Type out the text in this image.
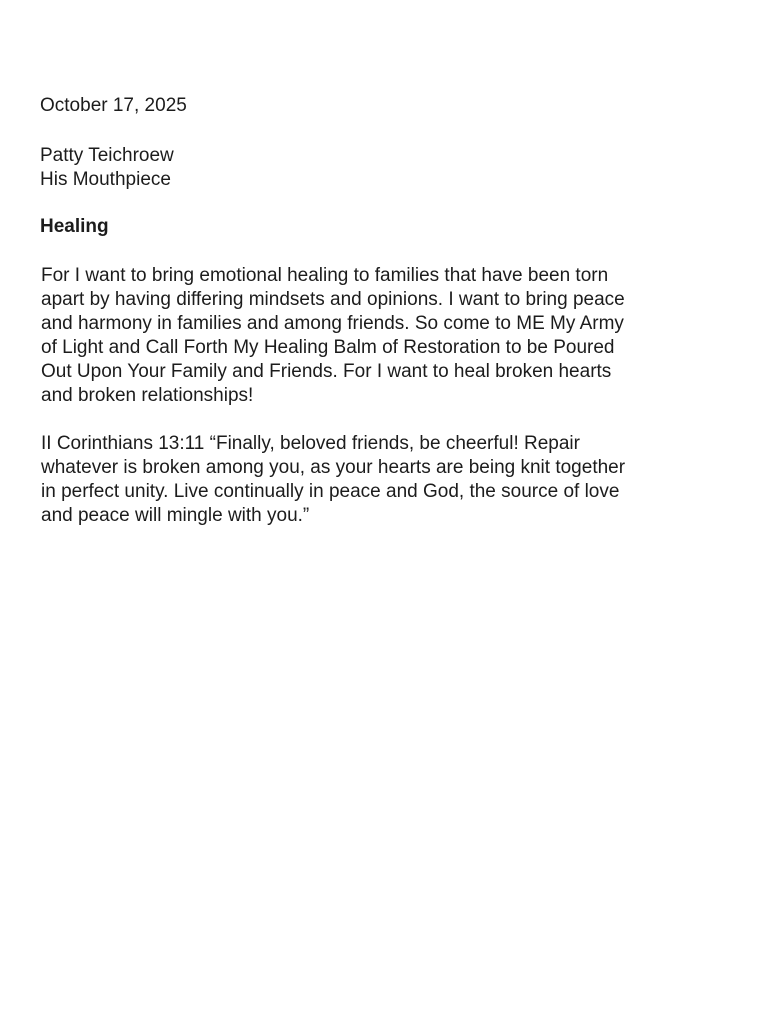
October 17, 2025

Patty Teichroew

His Mouthpiece

Healing

For I want to bring emotional healing to families that have been torn
apart by having differing mindsets and opinions. I want to bring peace
and harmony in families and among friends. So come to ME My Army
of Light and Call Forth My Healing Balm of Restoration to be Poured
Out Upon Your Family and Friends. For I want to heal broken hearts
and broken relationships!
II Corinthians 13:11 “Finally, beloved friends, be cheerful! Repair
whatever is broken among you, as your hearts are being knit together
in perfect unity. Live continually in peace and God, the source of love
and peace will mingle with you.”
